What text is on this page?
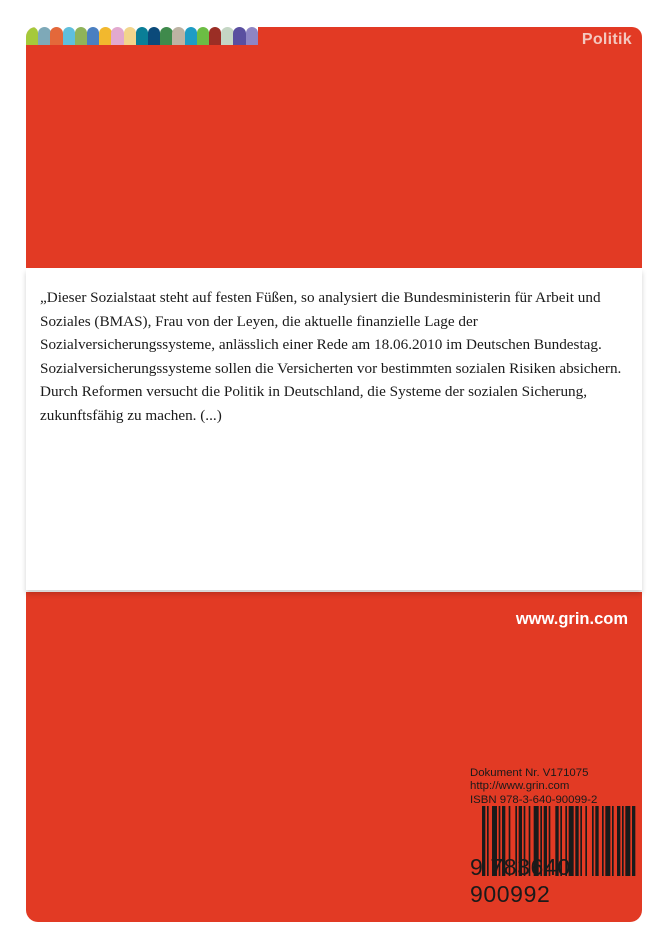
Politik
„Dieser Sozialstaat steht auf festen Füßen, so analysiert die Bundesministerin für Arbeit und Soziales (BMAS), Frau von der Leyen, die aktuelle finanzielle Lage der Sozialversicherungssysteme, anlässlich einer Rede am 18.06.2010 im Deutschen Bundestag. Sozialversicherungssysteme sollen die Versicherten vor bestimmten sozialen Risiken absichern. Durch Reformen versucht die Politik in Deutschland, die Systeme der sozialen Sicherung, zukunftsfähig zu machen. (...)
www.grin.com
Dokument Nr. V171075
http://www.grin.com
ISBN 978-3-640-90099-2
9 783640 900992
